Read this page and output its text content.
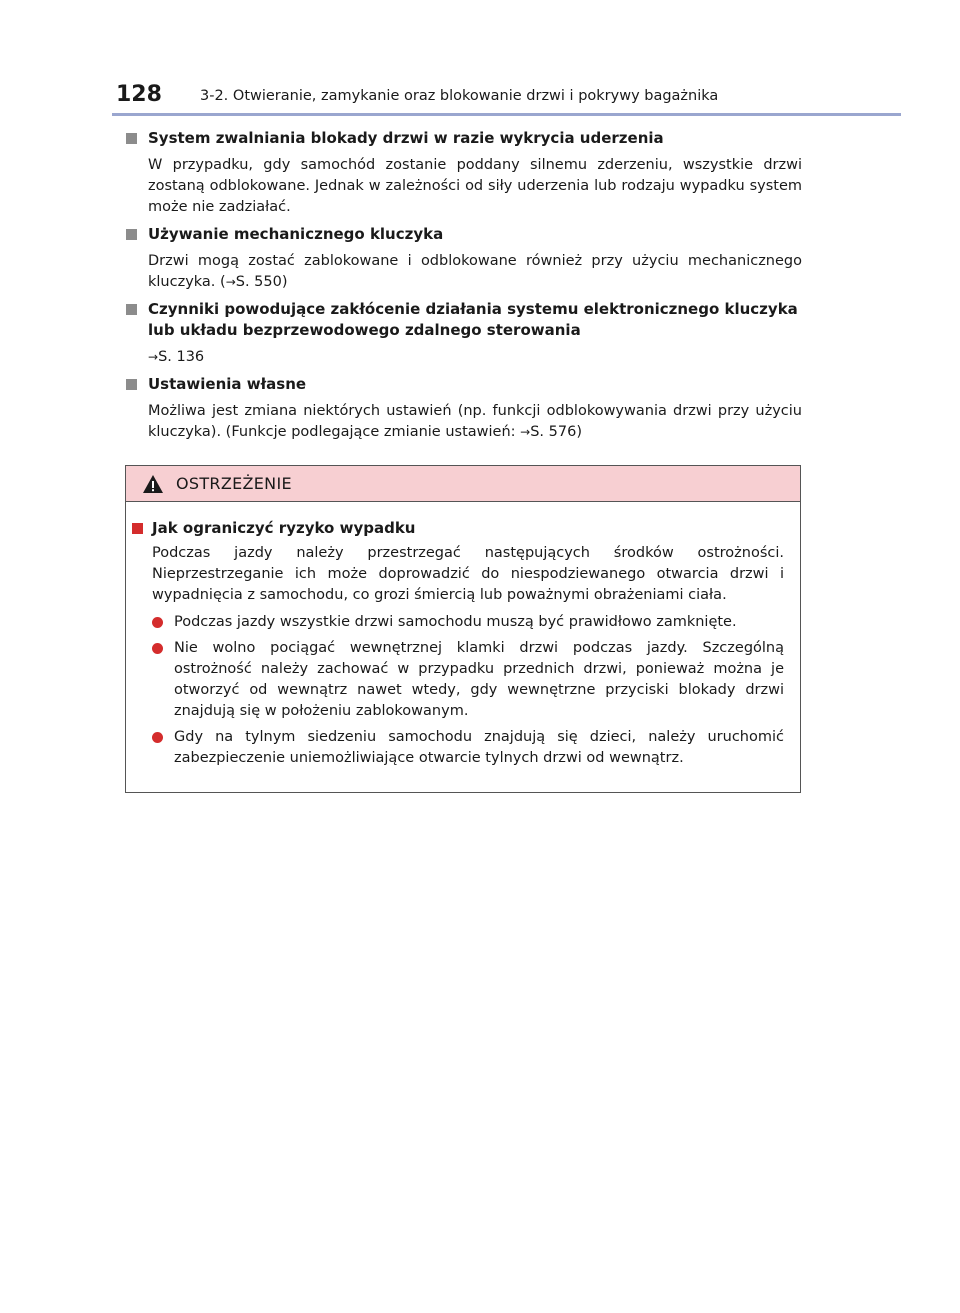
128	3-2. Otwieranie, zamykanie oraz blokowanie drzwi i pokrywy bagażnika
System zwalniania blokady drzwi w razie wykrycia uderzenia

W przypadku, gdy samochód zostanie poddany silnemu zderzeniu, wszystkie drzwi zostaną odblokowane. Jednak w zależności od siły uderzenia lub rodzaju wypadku system może nie zadziałać.

Używanie mechanicznego kluczyka

Drzwi mogą zostać zablokowane i odblokowane również przy użyciu mechanicznego kluczyka. (→S. 550)

Czynniki powodujące zakłócenie działania systemu elektronicznego kluczyka lub układu bezprzewodowego zdalnego sterowania

→S. 136

Ustawienia własne

Możliwa jest zmiana niektórych ustawień (np. funkcji odblokowywania drzwi przy użyciu kluczyka). (Funkcje podlegające zmianie ustawień: →S. 576)

OSTRZEŻENIE
Jak ograniczyć ryzyko wypadku

Podczas jazdy należy przestrzegać następujących środków ostrożności. Nieprzestrzeganie ich może doprowadzić do niespodziewanego otwarcia drzwi i wypadnięcia z samochodu, co grozi śmiercią lub poważnymi obrażeniami ciała.

Podczas jazdy wszystkie drzwi samochodu muszą być prawidłowo zamknięte.
Nie wolno pociągać wewnętrznej klamki drzwi podczas jazdy. Szczególną ostrożność należy zachować w przypadku przednich drzwi, ponieważ można je otworzyć od wewnątrz nawet wtedy, gdy wewnętrzne przyciski blokady drzwi znajdują się w położeniu zablokowanym.
Gdy na tylnym siedzeniu samochodu znajdują się dzieci, należy uruchomić zabezpieczenie uniemożliwiające otwarcie tylnych drzwi od wewnątrz.
